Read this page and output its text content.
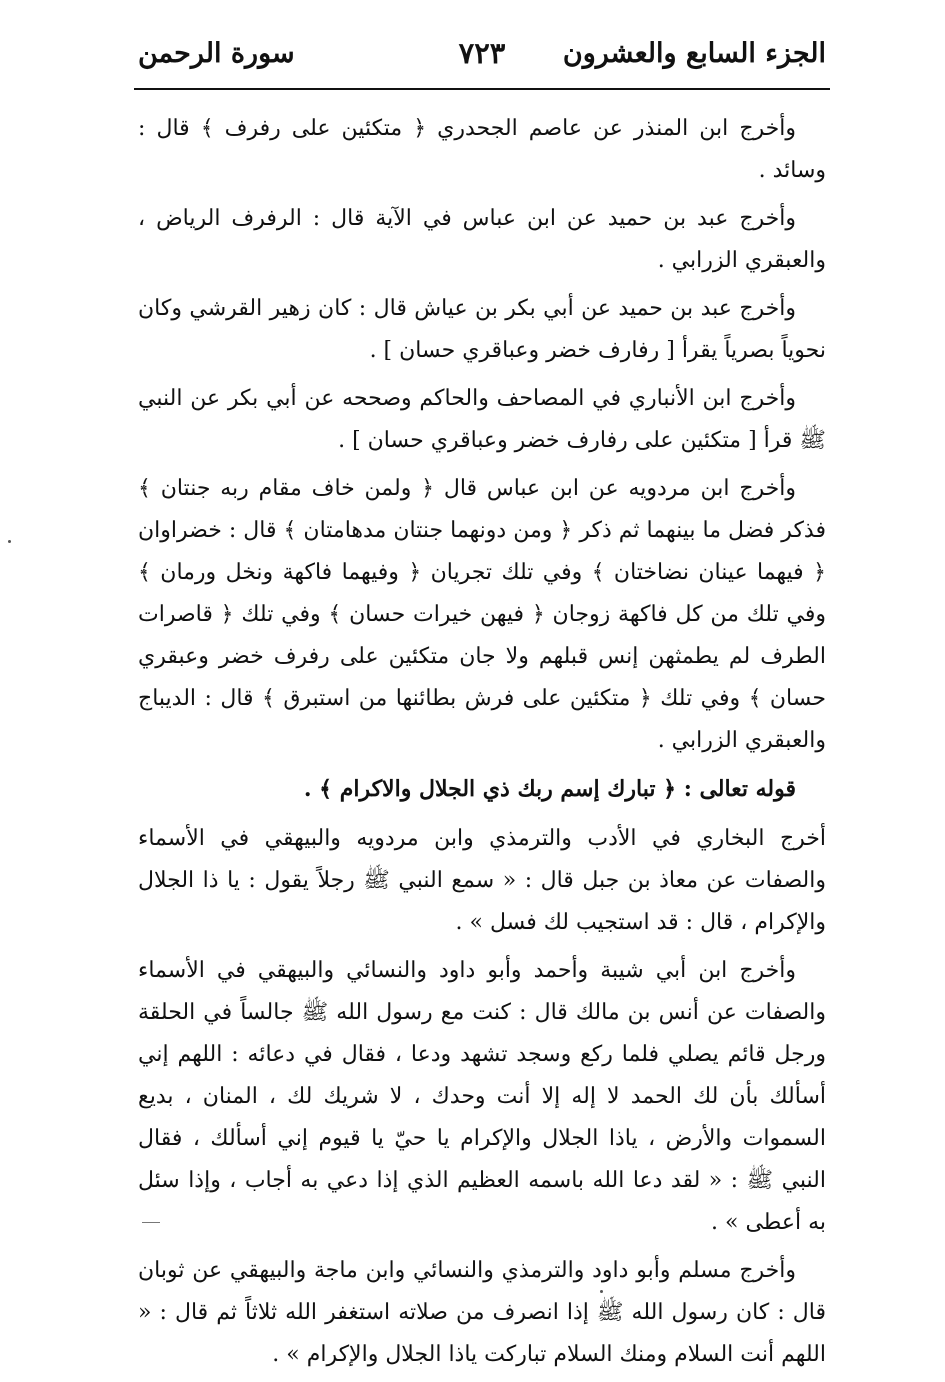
الجزء السابع والعشرون
٧٢٣
سورة الرحمن

وأخرج ابن المنذر عن عاصم الجحدري ﴿ متكئين على رفرف ﴾ قال : وسائد .

وأخرج عبد بن حميد عن ابن عباس في الآية قال : الرفرف الرياض ، والعبقري الزرابي .

وأخرج عبد بن حميد عن أبي بكر بن عياش قال : كان زهير القرشي وكان نحوياً بصرياً يقرأ [ رفارف خضر وعباقري حسان ] .

وأخرج ابن الأنباري في المصاحف والحاكم وصححه عن أبي بكر عن النبي ﷺ قرأ [ متكئين على رفارف خضر وعباقري حسان ] .

وأخرج ابن مردويه عن ابن عباس قال ﴿ ولمن خاف مقام ربه جنتان ﴾ فذكر فضل ما بينهما ثم ذكر ﴿ ومن دونهما جنتان مدهامتان ﴾ قال : خضراوان ﴿ فيهما عينان نضاختان ﴾ وفي تلك تجريان ﴿ وفيهما فاكهة ونخل ورمان ﴾ وفي تلك من كل فاكهة زوجان ﴿ فيهن خيرات حسان ﴾ وفي تلك ﴿ قاصرات الطرف لم يطمثهن إنس قبلهم ولا جان متكئين على رفرف خضر وعبقري حسان ﴾ وفي تلك ﴿ متكئين على فرش بطائنها من استبرق ﴾ قال : الديباج والعبقري الزرابي .

قوله تعالى : ﴿ تبارك إسم ربك ذي الجلال والاكرام ﴾ .

أخرج البخاري في الأدب والترمذي وابن مردويه والبيهقي في الأسماء والصفات عن معاذ بن جبل قال : « سمع النبي ﷺ رجلاً يقول : يا ذا الجلال والإكرام ، قال : قد استجيب لك فسل » .

وأخرج ابن أبي شيبة وأحمد وأبو داود والنسائي والبيهقي في الأسماء والصفات عن أنس بن مالك قال : كنت مع رسول الله ﷺ جالساً في الحلقة ورجل قائم يصلي فلما ركع وسجد تشهد ودعا ، فقال في دعائه : اللهم إني أسألك بأن لك الحمد لا إله إلا أنت وحدك ، لا شريك لك ، المنان ، بديع السموات والأرض ، ياذا الجلال والإكرام يا حيّ يا قيوم إني أسألك ، فقال النبي ﷺ : « لقد دعا الله باسمه العظيم الذي إذا دعي به أجاب ، وإذا سئل به أعطى » .

وأخرج مسلم وأبو داود والترمذي والنسائي وابن ماجة والبيهقي عن ثوبان قال : كان رسول الله ﷺ إذا انصرف من صلاته استغفر الله ثلاثاً ثم قال : « اللهم أنت السلام ومنك السلام تباركت ياذا الجلال والإكرام » .
